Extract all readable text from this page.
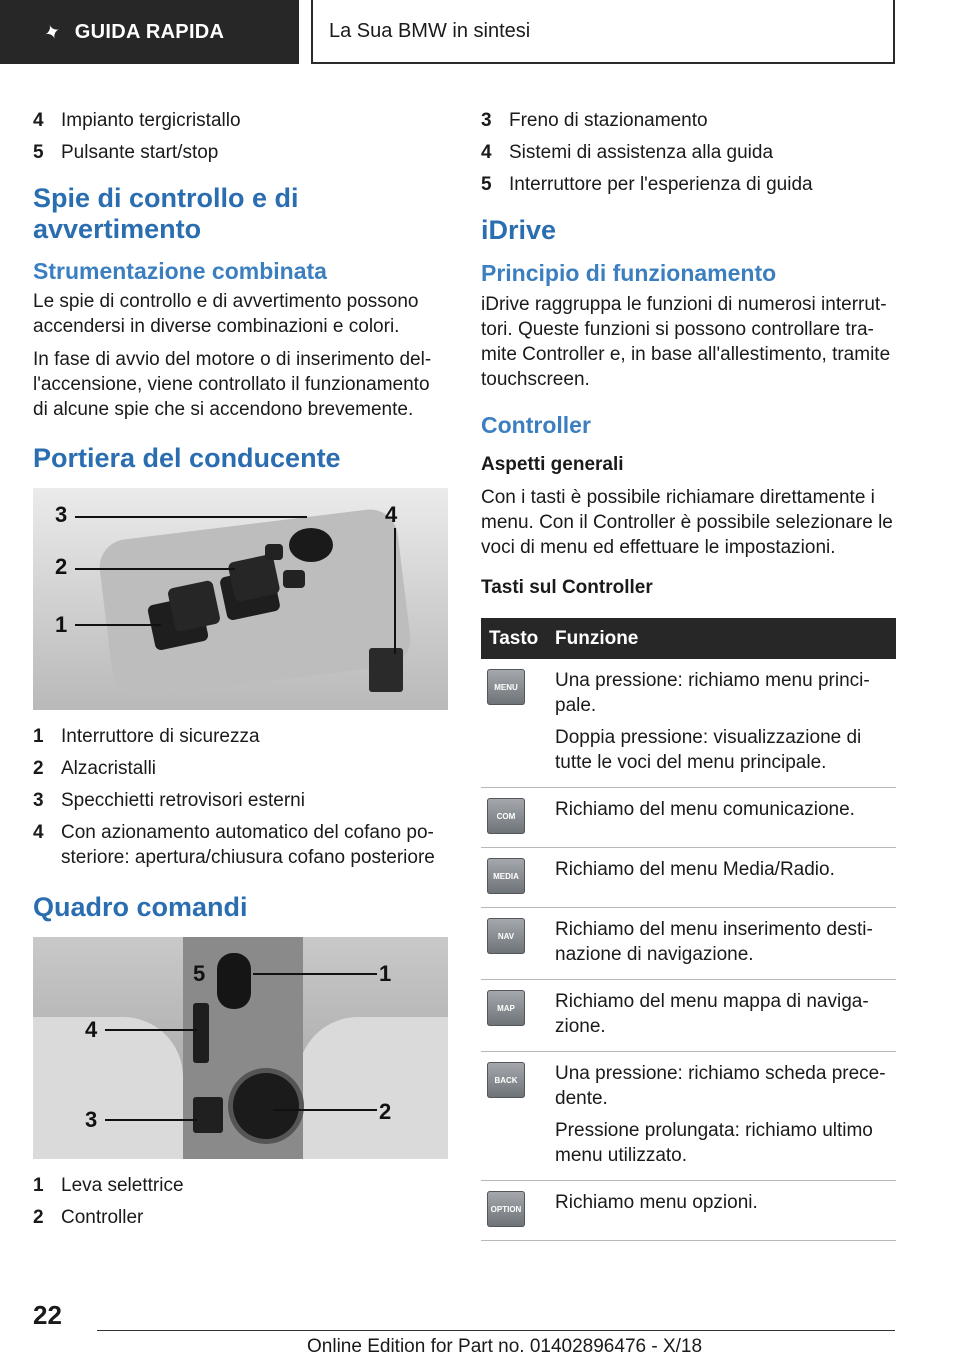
✦ GUIDA RAPIDA	La Sua BMW in sintesi
4 Impianto tergicristallo
5 Pulsante start/stop
Spie di controllo e di avvertimento
Strumentazione combinata

Le spie di controllo e di avvertimento possono accendersi in diverse combinazioni e colori.

In fase di avvio del motore o di inserimento dell'accensione, viene controllato il funzionamento di alcune spie che si accendono brevemente.

Portiera del conducente
3
2
1
4
1 Interruttore di sicurezza
2 Alzacristalli
3 Specchietti retrovisori esterni
4 Con azionamento automatico del cofano posteriore: apertura/chiusura cofano posteriore
Quadro comandi
5	1
4
3	2
1 Leva selettrice
2 Controller
3 Freno di stazionamento
4 Sistemi di assistenza alla guida
5 Interruttore per l'esperienza di guida
iDrive
Principio di funzionamento

iDrive raggruppa le funzioni di numerosi interruttori. Queste funzioni si possono controllare tramite Controller e, in base all'allestimento, tramite touchscreen.

Controller
Aspetti generali

Con i tasti è possibile richiamare direttamente i menu. Con il Controller è possibile selezionare le voci di menu ed effettuare le impostazioni.

Tasti sul Controller
Tasto	Funzione

MENU	Una pressione: richiamo menu principale.

Doppia pressione: visualizzazione di tutte le voci del menu principale.

COM	Richiamo del menu comunicazione.

MEDIA	Richiamo del menu Media/Radio.

NAV	Richiamo del menu inserimento destinazione di navigazione.

MAP	Richiamo del menu mappa di navigazione.

BACK	Una pressione: richiamo scheda precedente.

Pressione prolungata: richiamo ultimo menu utilizzato.

OPTION	Richiamo menu opzioni.

22
Online Edition for Part no. 01402896476 - X/18
